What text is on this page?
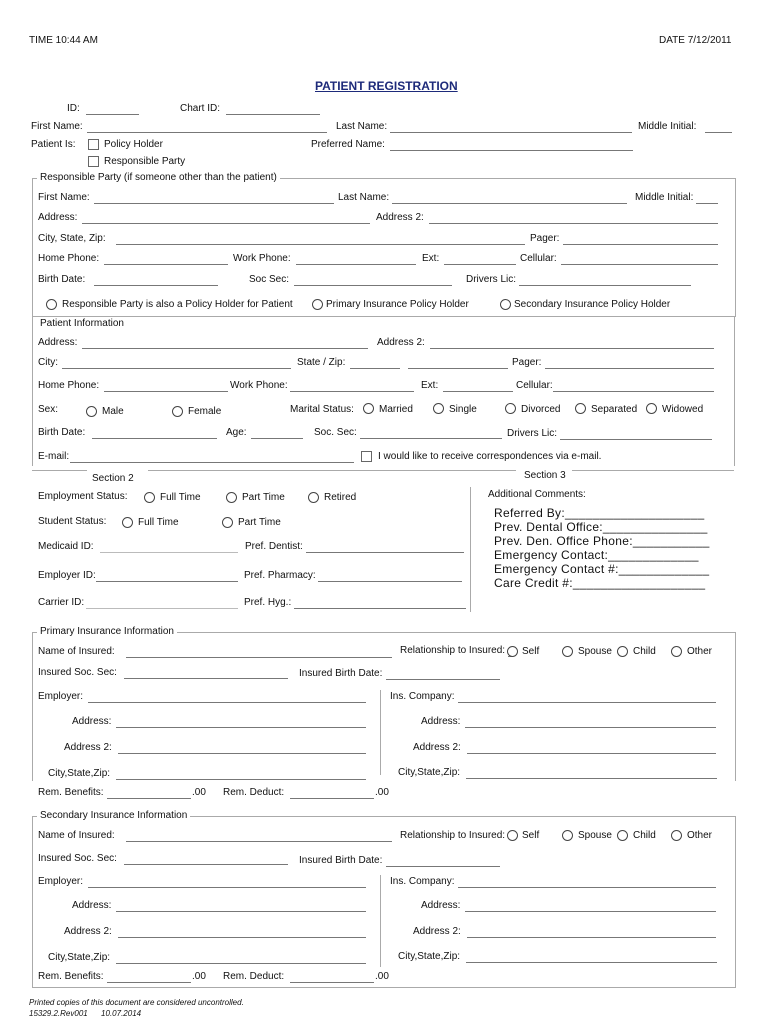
TIME 10:44 AM	DATE 7/12/2011
PATIENT REGISTRATION
ID:	Chart ID:
First Name:	Last Name:	Middle Initial:
Patient Is:	Policy Holder
Responsible Party
Preferred Name:
Responsible Party (if someone other than the patient)
First Name:	Last Name:	Middle Initial:
Address:	Address 2:
City, State, Zip:	Pager:
Home Phone:	Work Phone:	Ext:	Cellular:
Birth Date:	Soc Sec:	Drivers Lic:
Responsible Party is also a Policy Holder for Patient	Primary Insurance Policy Holder	Secondary Insurance Policy Holder
Patient Information
Address:	Address 2:
City:	State / Zip:	Pager:
Home Phone:	Work Phone:	Ext:	Cellular:
Sex:	Male	Female	Marital Status:	Married	Single	Divorced	Separated Widowed
Birth Date:	Age:	Soc. Sec:	Drivers Lic:
E-mail:	I would like to receive correspondences via e-mail.
Section 2	Section 3
Employment Status:	Full Time	Part Time	Retired
Student Status:	Full Time	Part Time
Medicaid ID:	Pref. Dentist:
Employer ID:	Pref. Pharmacy:
Carrier ID:	Pref. Hyg.:
Additional Comments:
Referred By:____________________
Prev. Dental Office:_______________
Prev. Den. Office Phone:___________
Emergency Contact:_____________
Emergency Contact #:_____________
Care Credit #:___________________
Primary Insurance Information
Name of Insured:	Relationship to Insured: Self	Spouse Child	Other
Insured Soc. Sec:	Insured Birth Date:
Employer:	Ins. Company:
Address:	Address:
Address 2:	Address 2:
City,State,Zip:	City,State,Zip:
Rem. Benefits:	.00 Rem. Deduct:	.00
Secondary Insurance Information
Name of Insured:	Relationship to Insured: Self	Spouse Child	Other
Insured Soc. Sec:	Insured Birth Date:
Employer:	Ins. Company:
Address:	Address:
Address 2:	Address 2:
City,State,Zip:	City,State,Zip:
Rem. Benefits:	.00 Rem. Deduct:	.00
Printed copies of this document are considered uncontrolled.
15329.2.Rev001      10.07.2014
